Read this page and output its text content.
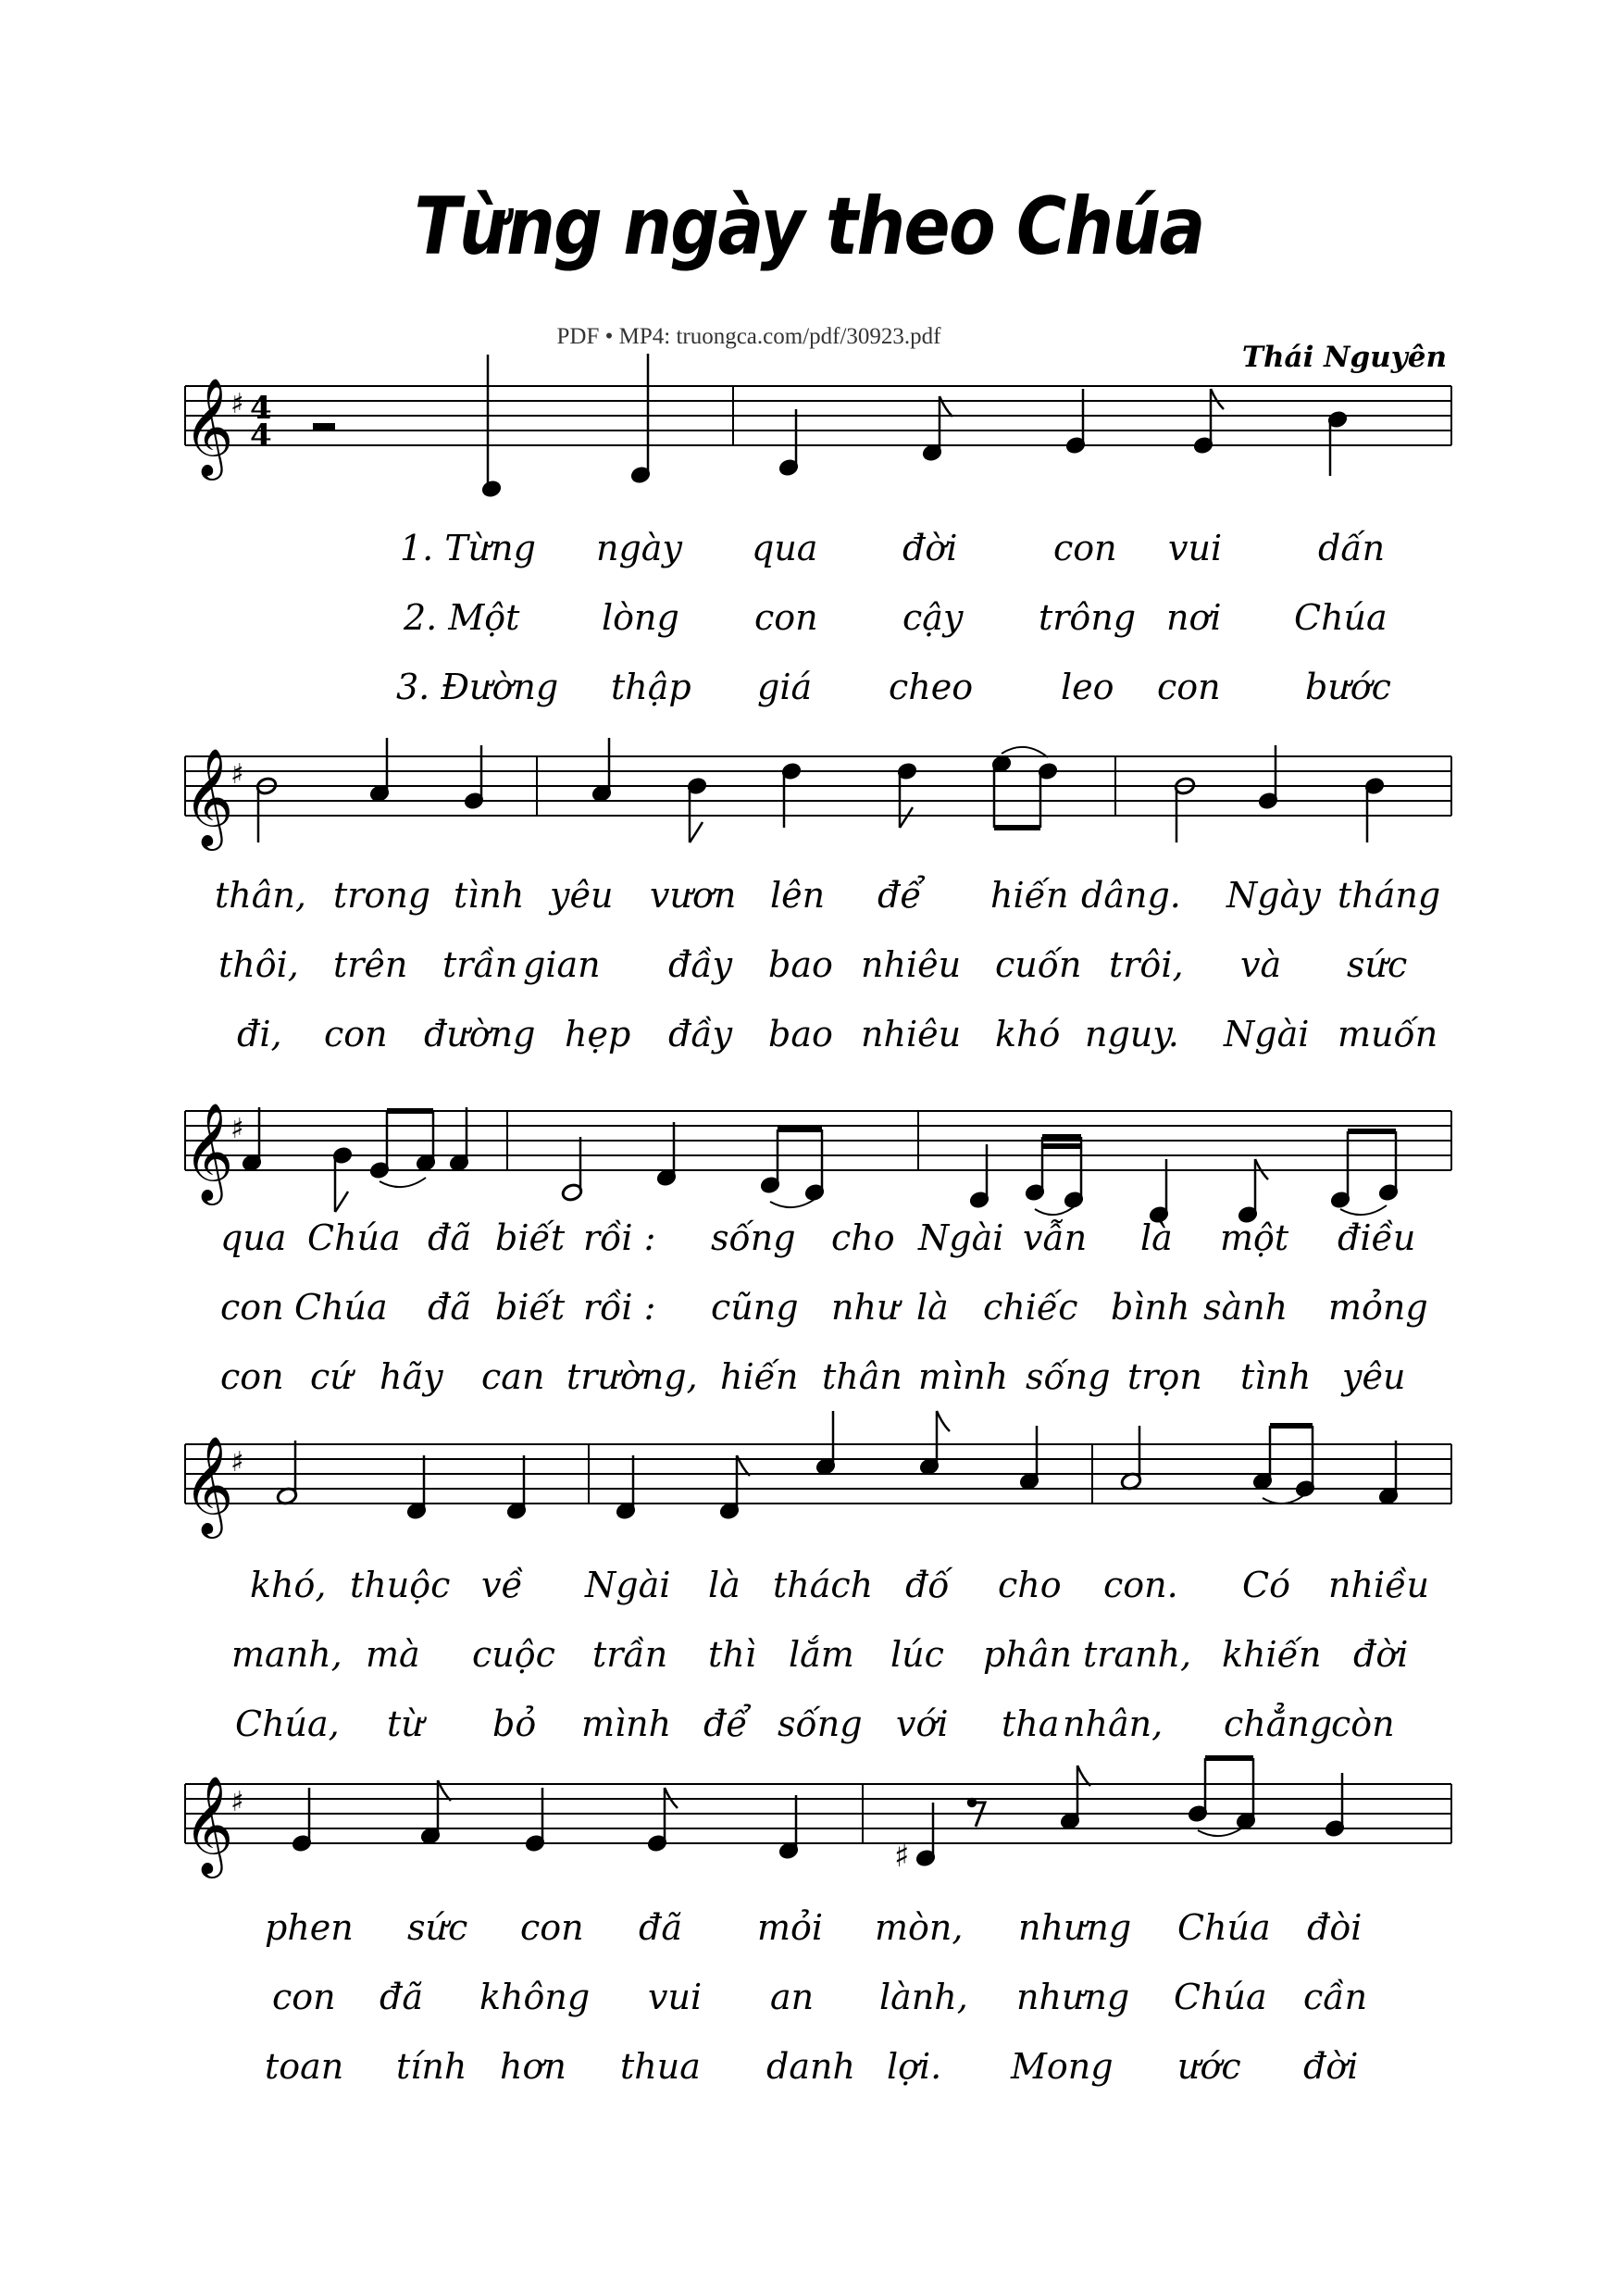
Từng ngày theo Chúa
PDF • MP4: truongca.com/pdf/30923.pdf
Thái Nguyên
𝄞
♯ 4
4
1. Từng ngày qua đời	con vui	dấn
2. Một lòng con cậy trông nơi Chúa
3. Đường thập giá cheo leo con bước
𝄞
♯
thân, trong tình yêu vươn lên để hiến dâng. Ngày tháng
thôi, trên trần gian đầy bao nhiêu cuốn trôi, và sức
đi, con đường hẹp đầy bao nhiêu khó nguy. Ngài muốn
𝄞
♯
qua Chúa đã biết rồi : sống cho Ngài vẫn là một điều
con Chúa đã biết rồi : cũng như là chiếc bình sành mỏng
con cứ hãy can trường, hiến thân mình sống trọn tình yêu
𝄞
♯
khó, thuộc về Ngài là thách đố cho con. Có nhiều
manh, mà cuộc trần thì lắm lúc phân tranh, khiến đời
Chúa, từ bỏ mình để sống với tha nhân, chẳng
còn
𝄞
♯
♯
phen sức con đã mỏi mòn, nhưng Chúa đòi
con đã không vui an lành, nhưng Chúa cần
toan tính hơn thua danh lợi. Mong ước đời
